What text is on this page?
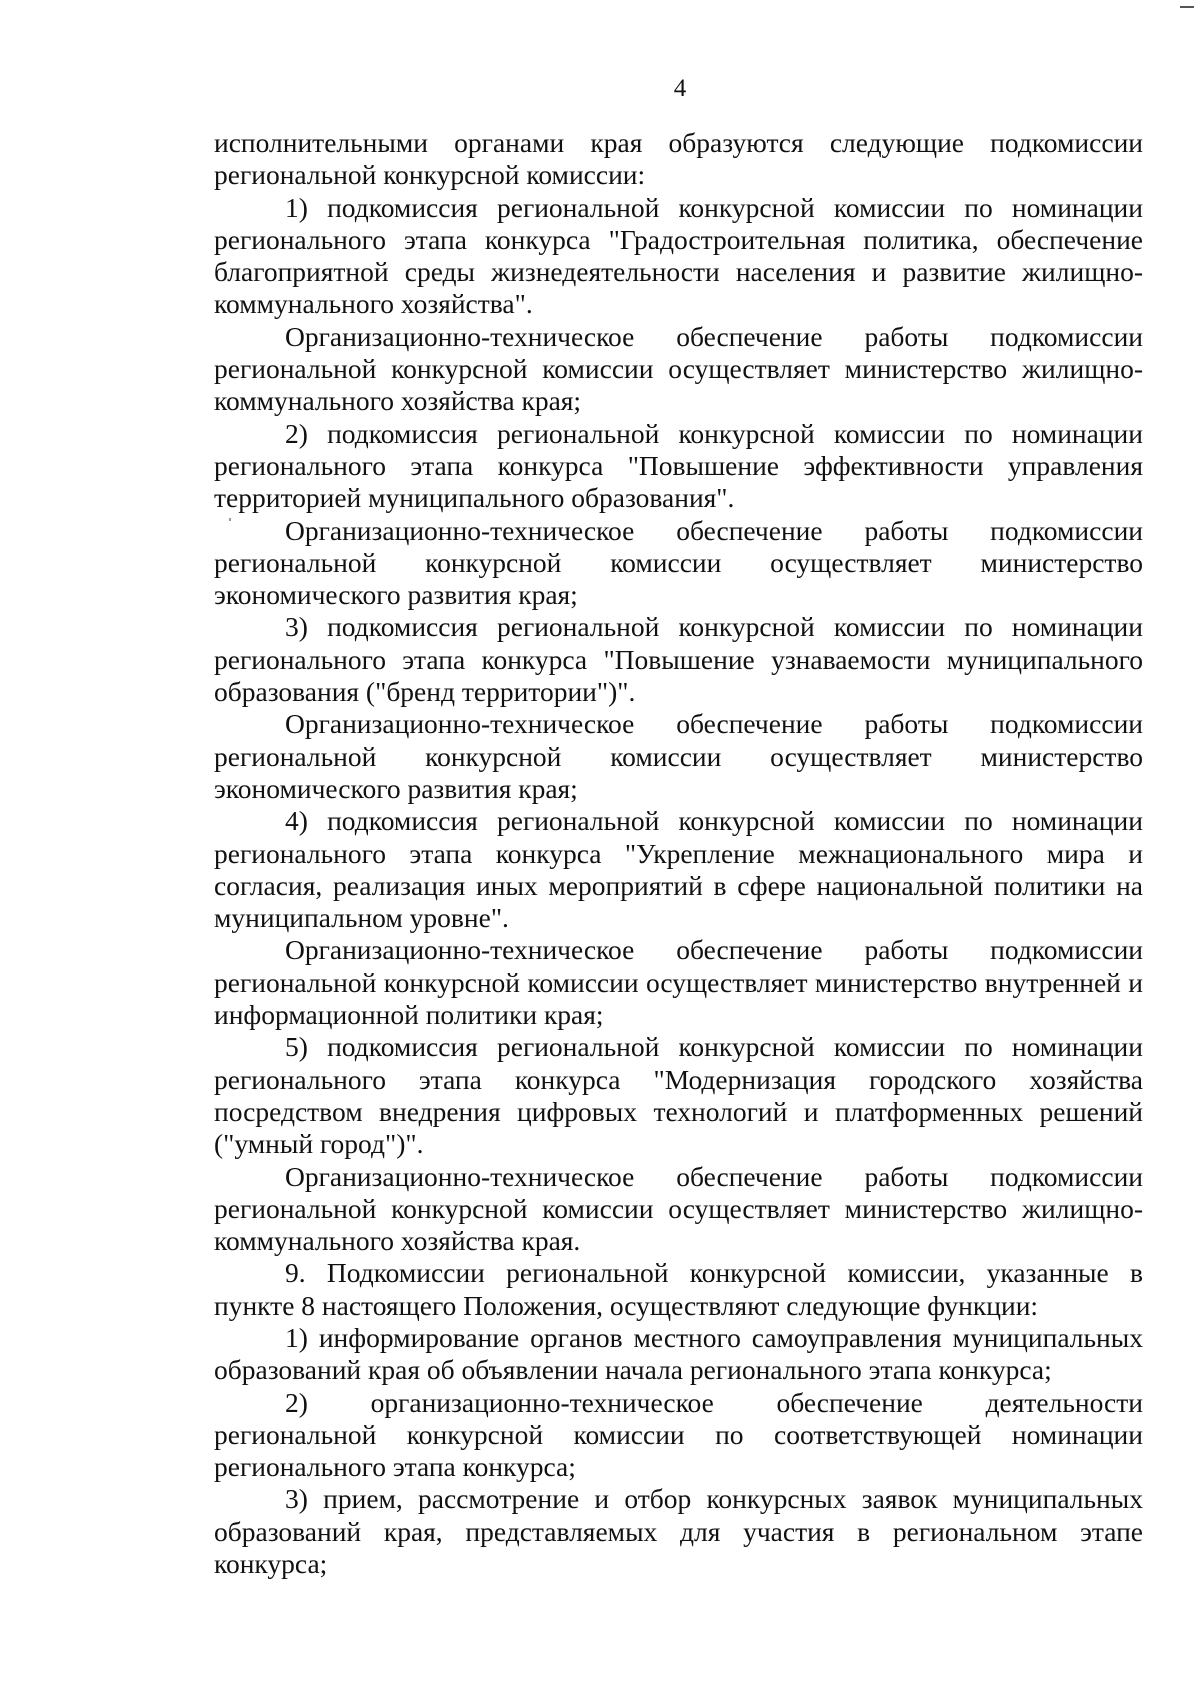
4

исполнительными органами края образуются следующие подкомиссии региональной конкурсной комиссии:

1) подкомиссия региональной конкурсной комиссии по номинации регионального этапа конкурса "Градостроительная политика, обеспечение благоприятной среды жизнедеятельности населения и развитие жилищно-коммунального хозяйства".

Организационно-техническое обеспечение работы подкомиссии региональной конкурсной комиссии осуществляет министерство жилищно-коммунального хозяйства края;

2) подкомиссия региональной конкурсной комиссии по номинации регионального этапа конкурса "Повышение эффективности управления территорией муниципального образования".

Организационно-техническое обеспечение работы подкомиссии региональной конкурсной комиссии осуществляет министерство экономического развития края;

3) подкомиссия региональной конкурсной комиссии по номинации регионального этапа конкурса "Повышение узнаваемости муниципального образования ("бренд территории")".

Организационно-техническое обеспечение работы подкомиссии региональной конкурсной комиссии осуществляет министерство экономического развития края;

4) подкомиссия региональной конкурсной комиссии по номинации регионального этапа конкурса "Укрепление межнационального мира и согласия, реализация иных мероприятий в сфере национальной политики на муниципальном уровне".

Организационно-техническое обеспечение работы подкомиссии региональной конкурсной комиссии осуществляет министерство внутренней и информационной политики края;

5) подкомиссия региональной конкурсной комиссии по номинации регионального этапа конкурса "Модернизация городского хозяйства посредством внедрения цифровых технологий и платформенных решений ("умный город")".

Организационно-техническое обеспечение работы подкомиссии региональной конкурсной комиссии осуществляет министерство жилищно-коммунального хозяйства края.

9. Подкомиссии региональной конкурсной комиссии, указанные в пункте 8 настоящего Положения, осуществляют следующие функции:

1) информирование органов местного самоуправления муниципальных образований края об объявлении начала регионального этапа конкурса;

2) организационно-техническое обеспечение деятельности региональной конкурсной комиссии по соответствующей номинации регионального этапа конкурса;

3) прием, рассмотрение и отбор конкурсных заявок муниципальных образований края, представляемых для участия в региональном этапе конкурса;
